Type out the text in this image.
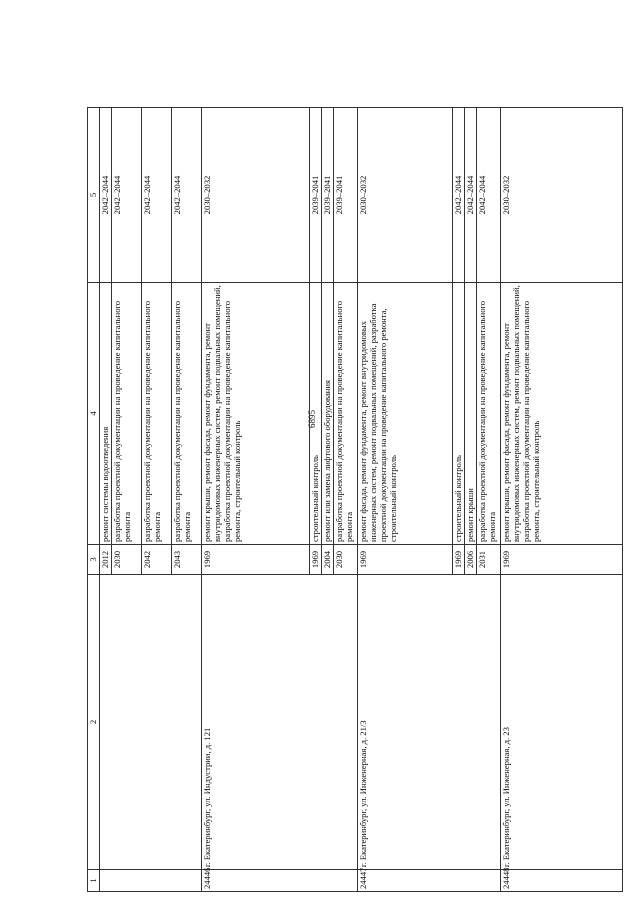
6895
1	2	3	4	5
		2012	ремонт системы водоотведения	2042–2044
		2030	разработка проектной документации на проведение капитального ремонта	2042–2044
		2042	разработка проектной документации на проведение капитального ремонта	2042–2044
		2043	разработка проектной документации на проведение капитального ремонта	2042–2044
24446.	г. Екатеринбург, ул. Индустрии, д. 121	1969	ремонт крыши, ремонт фасада, ремонт фундамента, ремонт внутридомовых инженерных систем, ремонт подвальных помещений, разработка проектной документации на проведение капитального ремонта, строительный контроль	2030–2032
		1969	строительный контроль	2039–2041
		2004	ремонт или замена лифтового оборудования	2039–2041
		2030	разработка проектной документации на проведение капитального ремонта	2039–2041
24447.	г. Екатеринбург, ул. Инженерная, д. 21/3	1969	ремонт фасада, ремонт фундамента, ремонт внутридомовых инженерных систем, ремонт подвальных помещений, разработка проектной документации на проведение капитального ремонта, строительный контроль	2030–2032
		1969	строительный контроль	2042–2044
		2006	ремонт крыши	2042–2044
		2031	разработка проектной документации на проведение капитального ремонта	2042–2044
24448.	г. Екатеринбург, ул. Инженерная, д. 23	1969	ремонт крыши, ремонт фасада, ремонт фундамента, ремонт внутридомовых инженерных систем, ремонт подвальных помещений, разработка проектной документации на проведение капитального ремонта, строительный контроль	2030–2032
